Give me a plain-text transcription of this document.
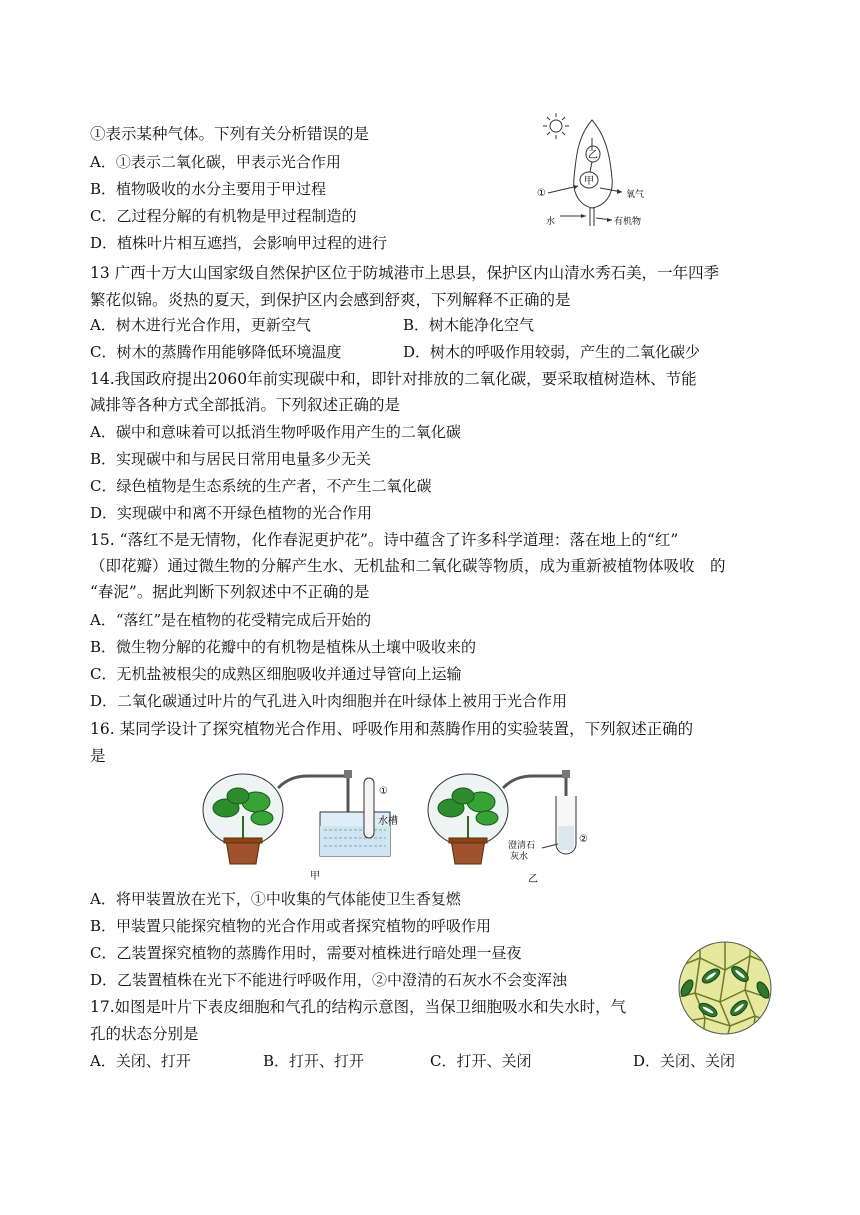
①表示某种气体。下列有关分析错误的是
A．①表示二氧化碳，甲表示光合作用
B．植物吸收的水分主要用于甲过程
C．乙过程分解的有机物是甲过程制造的
D．植株叶片相互遮挡，会影响甲过程的进行
乙
甲
①	氧气
水	有机物
13 广西十万大山国家级自然保护区位于防城港市上思县，保护区内山清水秀石美，一年四季
繁花似锦。炎热的夏天，到保护区内会感到舒爽，下列解释不正确的是
A．树木进行光合作用，更新空气	B．树木能净化空气
C．树木的蒸腾作用能够降低环境温度	D．树木的呼吸作用较弱，产生的二氧化碳少
14.我国政府提出2060年前实现碳中和，即针对排放的二氧化碳，要采取植树造林、节能
减排等各种方式全部抵消。下列叙述正确的是
A．碳中和意味着可以抵消生物呼吸作用产生的二氧化碳
B．实现碳中和与居民日常用电量多少无关
C．绿色植物是生态系统的生产者，不产生二氧化碳
D．实现碳中和离不开绿色植物的光合作用
15. “落红不是无情物，化作春泥更护花”。诗中蕴含了许多科学道理：落在地上的“红”
（即花瓣）通过微生物的分解产生水、无机盐和二氧化碳等物质，成为重新被植物体吸收　的
“春泥”。据此判断下列叙述中不正确的是
A．“落红”是在植物的花受精完成后开始的
B．微生物分解的花瓣中的有机物是植株从土壤中吸收来的
C．无机盐被根尖的成熟区细胞吸收并通过导管向上运输
D．二氧化碳通过叶片的气孔进入叶肉细胞并在叶绿体上被用于光合作用
16. 某同学设计了探究植物光合作用、呼吸作用和蒸腾作用的实验装置，下列叙述正确的
是
水槽
①
甲
澄清石
灰水
②
乙
A．将甲装置放在光下，①中收集的气体能使卫生香复燃
B．甲装置只能探究植物的光合作用或者探究植物的呼吸作用
C．乙装置探究植物的蒸腾作用时，需要对植株进行暗处理一昼夜
D．乙装置植株在光下不能进行呼吸作用，②中澄清的石灰水不会变浑浊
17.如图是叶片下表皮细胞和气孔的结构示意图，当保卫细胞吸水和失水时，气
孔的状态分别是
A．关闭、打开	B．打开、打开	C．打开、关闭	D．关闭、关闭
